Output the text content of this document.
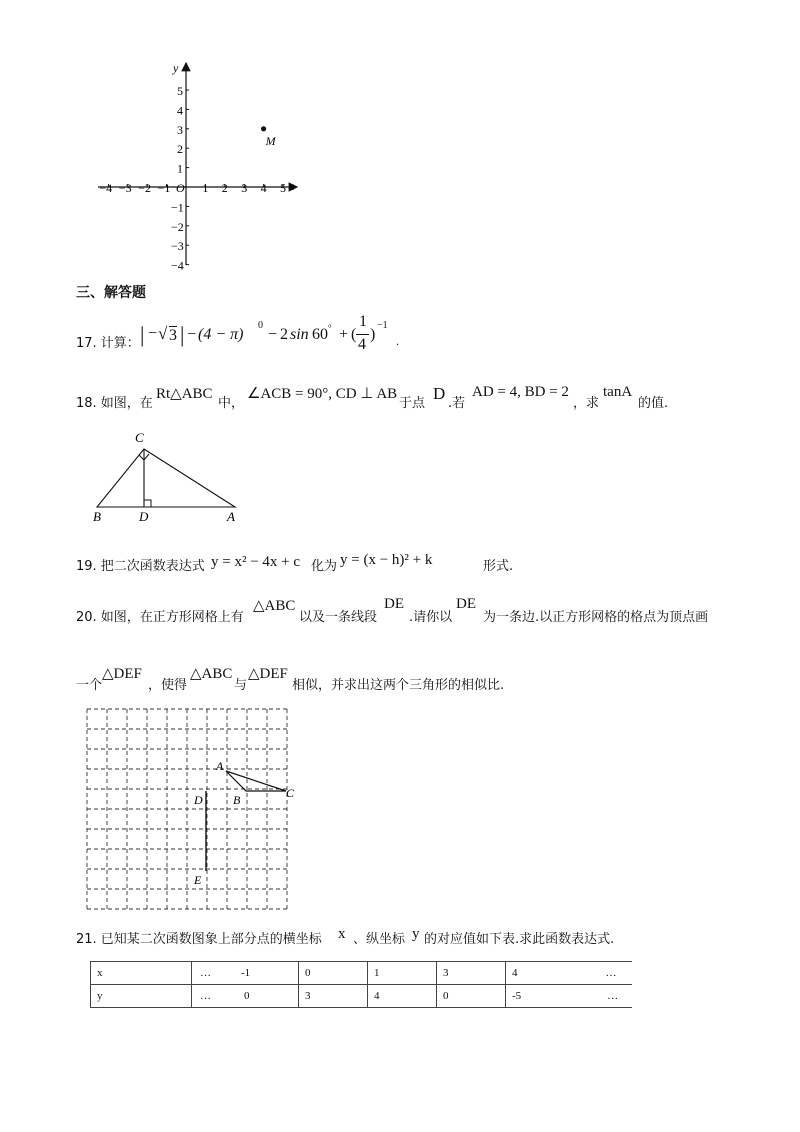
−4 −3 −2 −1	1 2 3 4 5
5
4
3
2
1
−1
−2
−3
−4
x
y
O
M
三、解答题
17. 计算： | − √ 3 | − (4 − π)
0
− 2 sin 60 ° + (
1
4
)
−1
.
18. 如图，在
Rt△ABC
中，
∠ACB = 90°, CD ⊥ AB
于点
D
.若
AD = 4, BD = 2
，求
tanA
的值.
C
B	D	A
19. 把二次函数表达式 y = x² − 4x + c 化为 y = (x − h)² + k	形式.
20. 如图，在正方形网格上有
△ABC
以及一条线段
DE
.请你以
DE
为一条边.以正方形网格的格点为顶点画
一个
△DEF
，使得
△ABC
与
△DEF
相似，并求出这两个三角形的相似比.
A
B	C
D
E
21. 已知某二次函数图象上部分点的横坐标 x 、纵坐标 y 的对应值如下表.求此函数表达式.
x	… -1	0	1	3	4 …
y	… 0	3	4	0	-5 …
